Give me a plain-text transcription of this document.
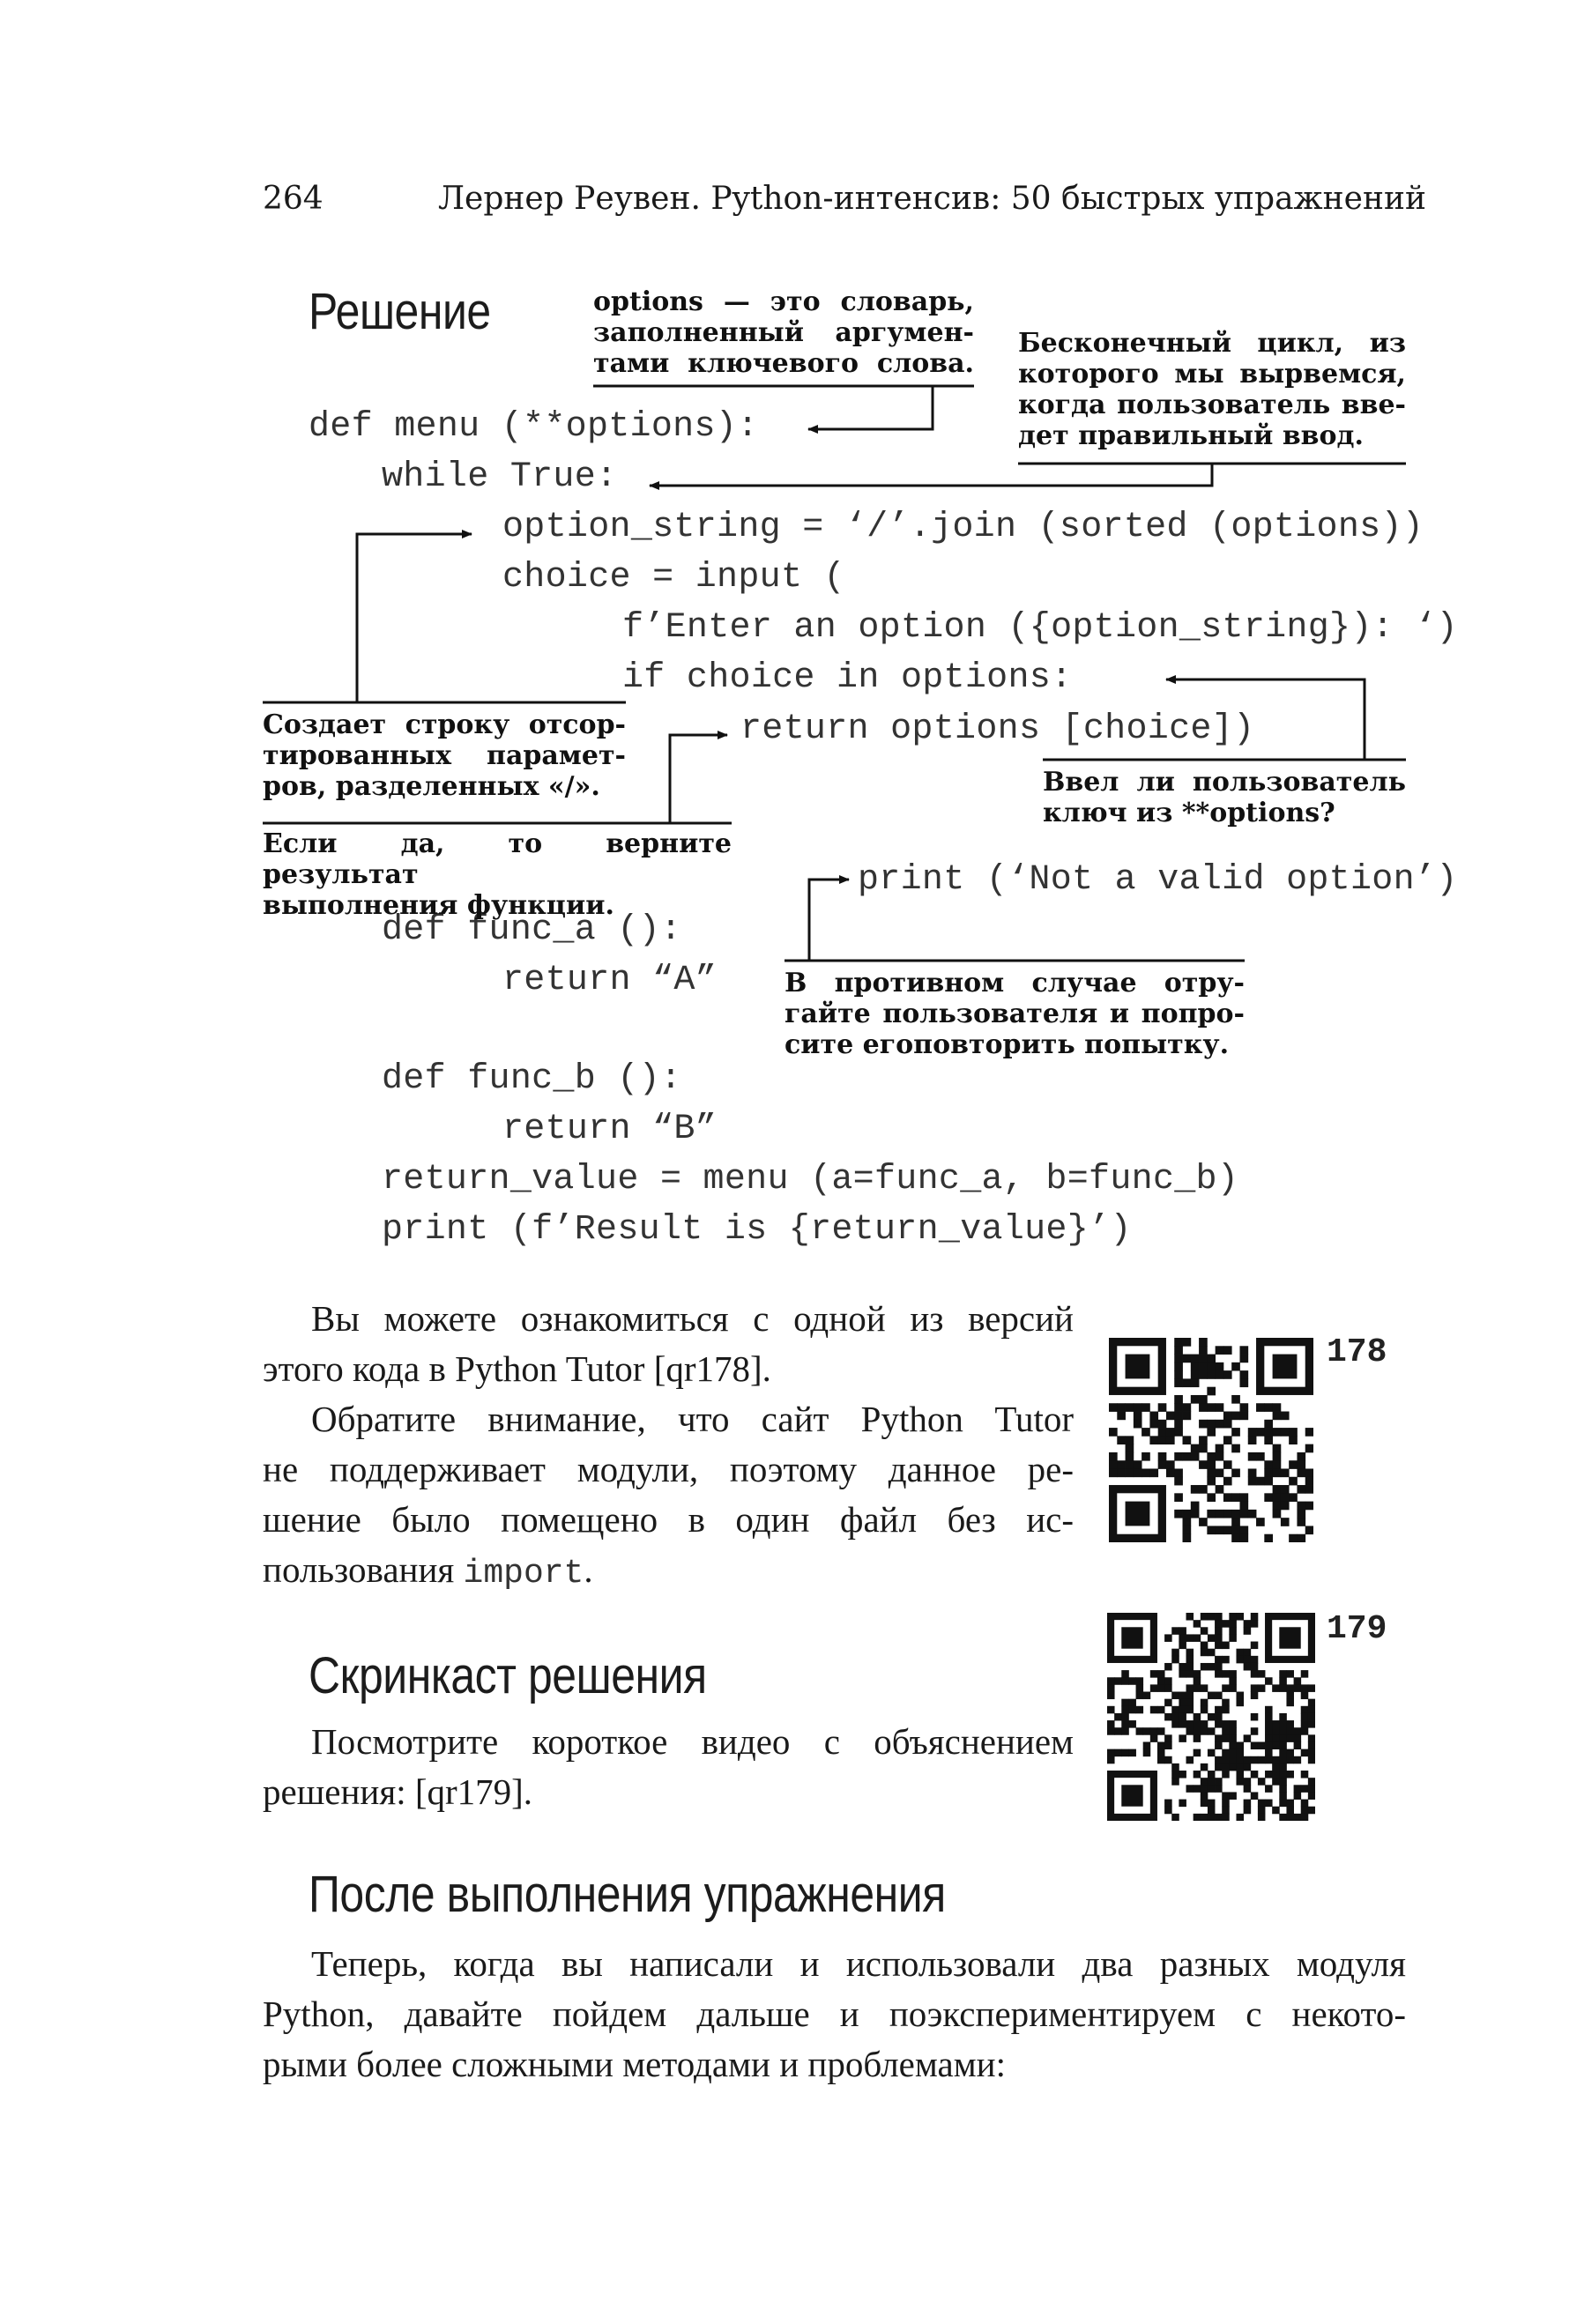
264	Лернер Реувен. Python-интенсив: 50 быстрых упражнений
Решение
def menu (**options):
while True:
option_string = ‘/’.join (sorted (options))
choice = input (
f’Enter an option ({option_string}): ‘)
if choice in options:
return options [choice])
print (‘Not a valid option’)
def func_a ():
return “A”
def func_b ():
return “B”
return_value = menu (a=func_a, b=func_b)
print (f’Result is {return_value}’)
options — это словарь,
заполненный аргумен-
тами ключевого слова.
Бесконечный цикл, из
которого мы вырвемся,
когда пользователь вве-
дет правильный ввод.
Создает строку отсор-
тированных парамет-
ров, разделенных «/».	Ввел ли пользователь
ключ из **options?
Если да, то верните результат
выполнения функции.
В противном случае отру-
гайте пользователя и попро-
сите егоповторить попытку.

Вы можете ознакомиться с одной из версий

этого кода в Python Tutor [qr178].

Обратите внимание, что сайт Python Tutor

не поддерживает модули, поэтому данное ре-
шение было помещено в один файл без ис-
пользования import.
Скринкаст решения

Посмотрите короткое видео с объяснением

решения: [qr179].
После выполнения упражнения

Теперь, когда вы написали и использовали два разных модуля

Python, давайте пойдем дальше и поэкспериментируем с некото-
рыми более сложными методами и проблемами:
178
179
